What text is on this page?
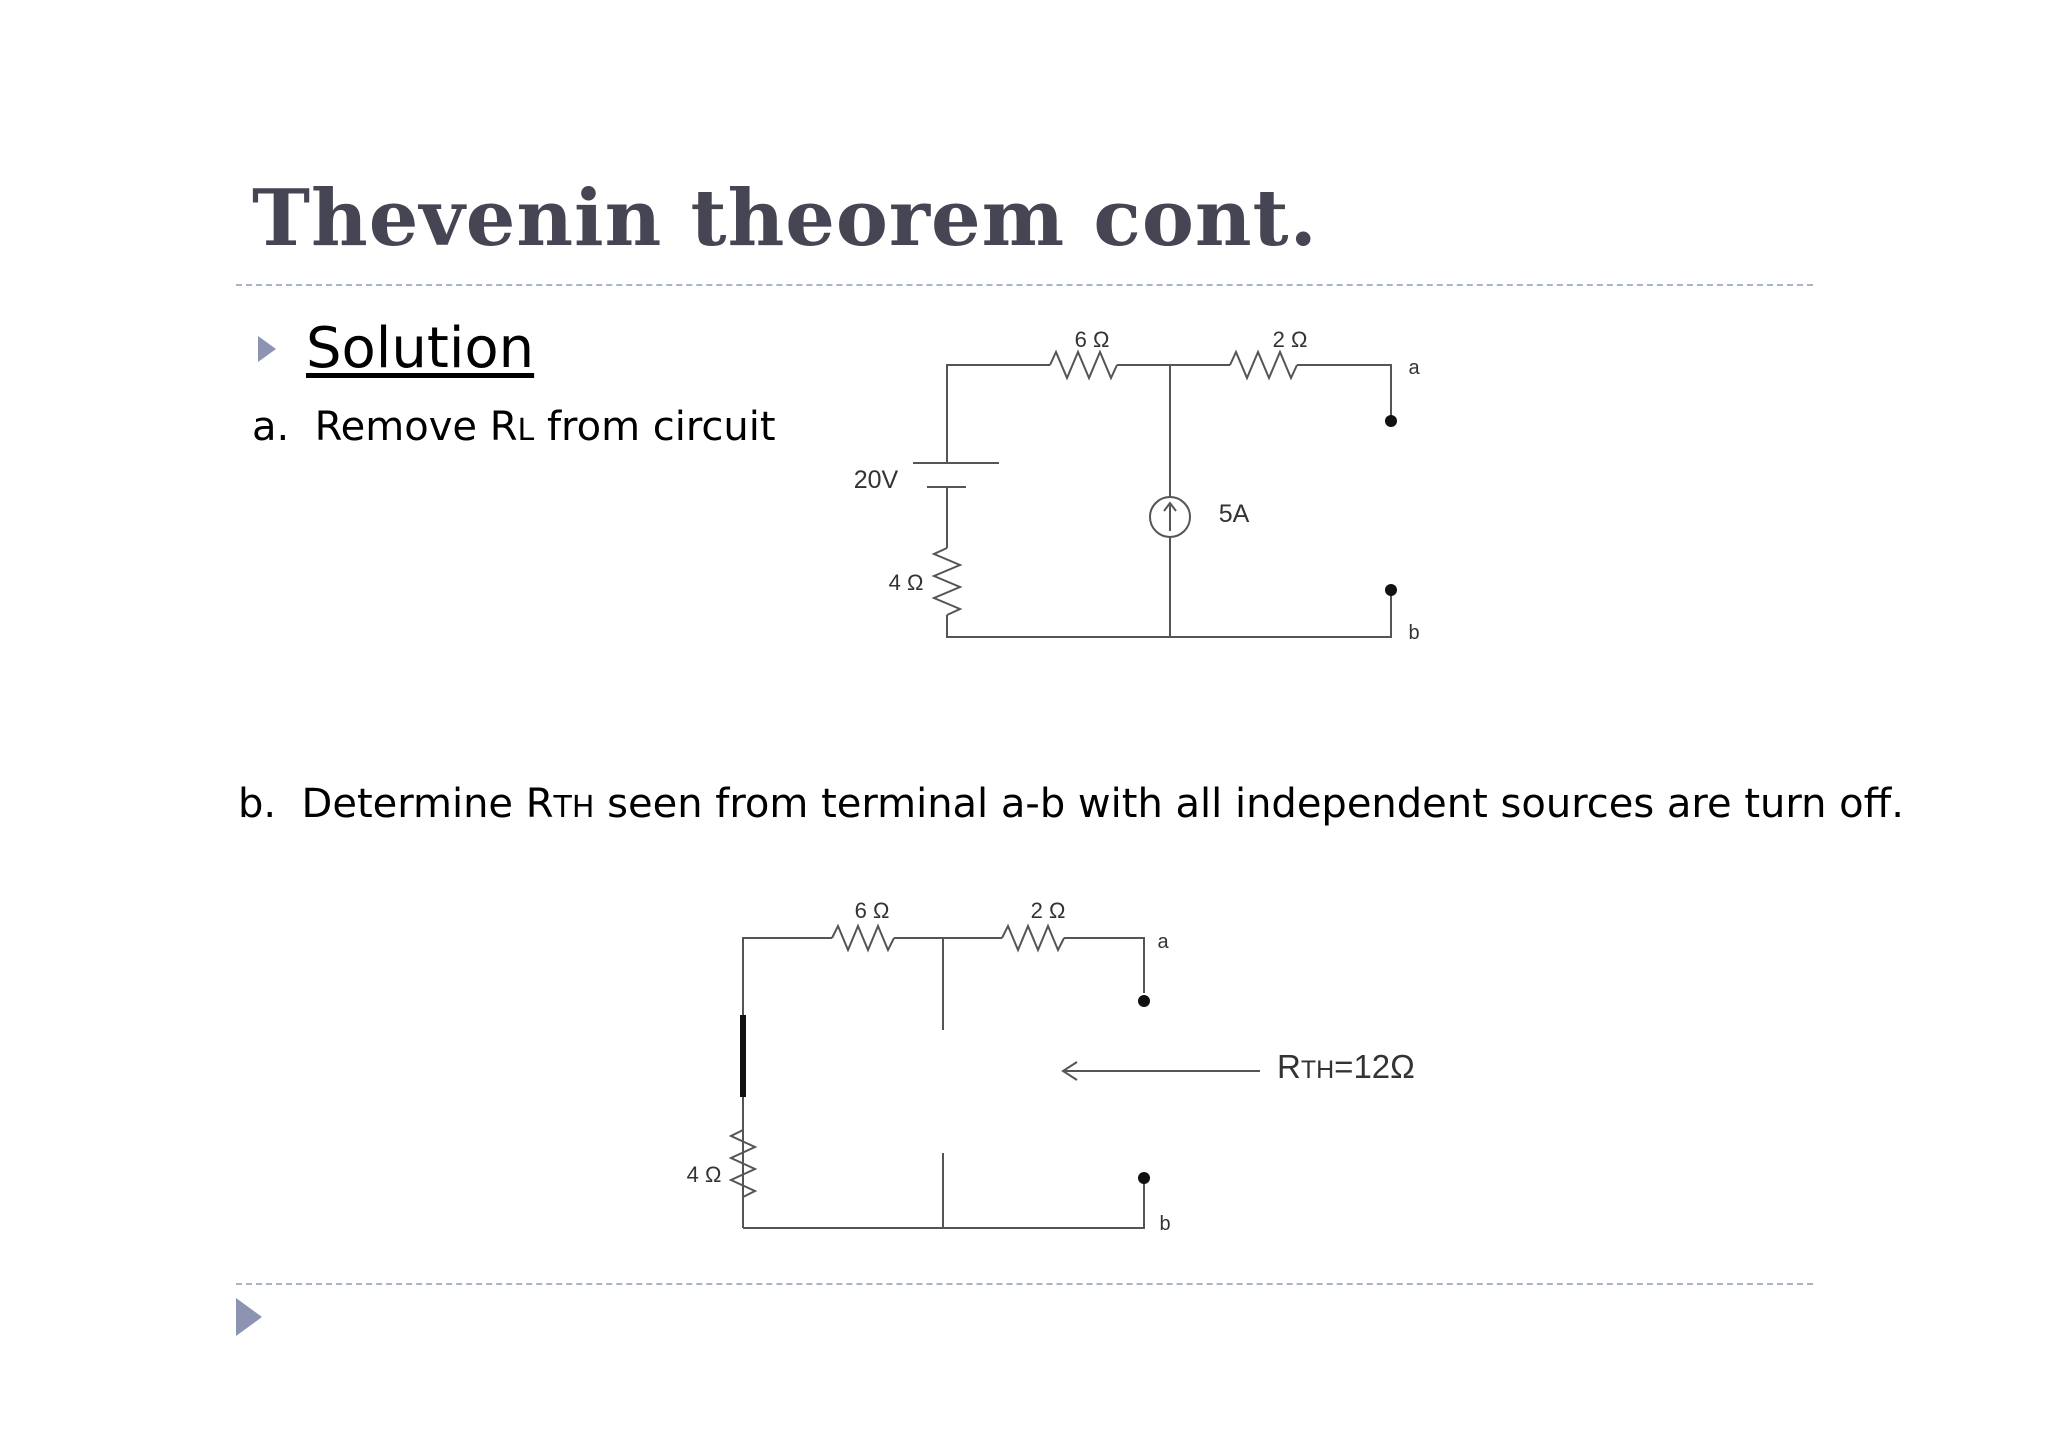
Thevenin theorem cont.

Solution

a. Remove RL from circuit

6 Ω	2 Ω
a
b
20V
5A
4 Ω

b. Determine RTH seen from terminal a-b with all independent sources are turn off.

6 Ω	2 Ω
a
b
4 Ω
RTH=12Ω
